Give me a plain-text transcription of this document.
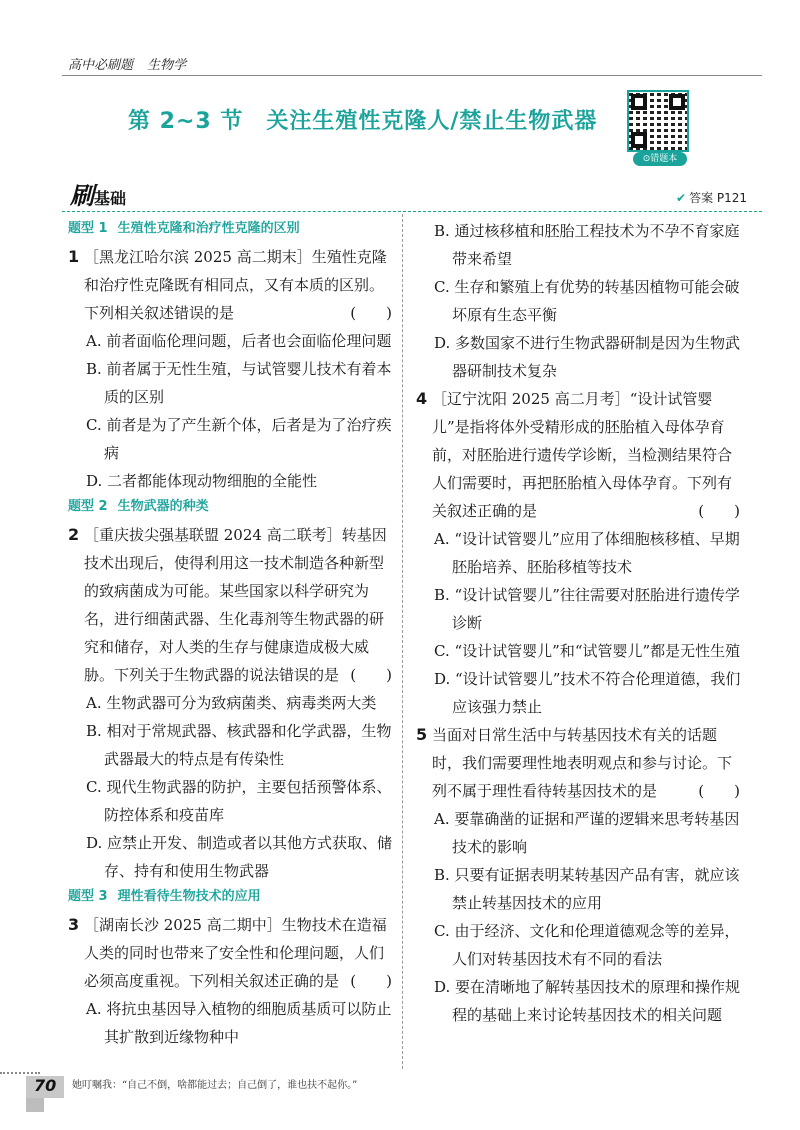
高中必刷题 生物学
第 2~3 节　关注生殖性克隆人/禁止生物武器
⊙错题本
刷基础	✔ 答案 P121
题型 1 生殖性克隆和治疗性克隆的区别
1 ［黑龙江哈尔滨 2025 高二期末］生殖性克隆和治疗性克隆既有相同点，又有本质的区别。下列相关叙述错误的是	(　　)
A. 前者面临伦理问题，后者也会面临伦理问题
B. 前者属于无性生殖，与试管婴儿技术有着本质的区别
C. 前者是为了产生新个体，后者是为了治疗疾病
D. 二者都能体现动物细胞的全能性
题型 2 生物武器的种类
2 ［重庆拔尖强基联盟 2024 高二联考］转基因技术出现后，使得利用这一技术制造各种新型的致病菌成为可能。某些国家以科学研究为名，进行细菌武器、生化毒剂等生物武器的研究和储存，对人类的生存与健康造成极大威胁。下列关于生物武器的说法错误的是 (　　)
A. 生物武器可分为致病菌类、病毒类两大类
B. 相对于常规武器、核武器和化学武器，生物武器最大的特点是有传染性
C. 现代生物武器的防护，主要包括预警体系、防控体系和疫苗库
D. 应禁止开发、制造或者以其他方式获取、储存、持有和使用生物武器
题型 3 理性看待生物技术的应用
3 ［湖南长沙 2025 高二期中］生物技术在造福人类的同时也带来了安全性和伦理问题，人们必须高度重视。下列相关叙述正确的是 (　　)
A. 将抗虫基因导入植物的细胞质基质可以防止其扩散到近缘物种中
B. 通过核移植和胚胎工程技术为不孕不育家庭带来希望
C. 生存和繁殖上有优势的转基因植物可能会破坏原有生态平衡
D. 多数国家不进行生物武器研制是因为生物武器研制技术复杂
4 ［辽宁沈阳 2025 高二月考］“设计试管婴儿”是指将体外受精形成的胚胎植入母体孕育前，对胚胎进行遗传学诊断，当检测结果符合人们需要时，再把胚胎植入母体孕育。下列有关叙述正确的是	(　　)
A. “设计试管婴儿”应用了体细胞核移植、早期胚胎培养、胚胎移植等技术
B. “设计试管婴儿”往往需要对胚胎进行遗传学诊断
C. “设计试管婴儿”和“试管婴儿”都是无性生殖
D. “设计试管婴儿”技术不符合伦理道德，我们应该强力禁止
5 当面对日常生活中与转基因技术有关的话题时，我们需要理性地表明观点和参与讨论。下列不属于理性看待转基因技术的是	(　　)
A. 要靠确凿的证据和严谨的逻辑来思考转基因技术的影响
B. 只要有证据表明某转基因产品有害，就应该禁止转基因技术的应用
C. 由于经济、文化和伦理道德观念等的差异，人们对转基因技术有不同的看法
D. 要在清晰地了解转基因技术的原理和操作规程的基础上来讨论转基因技术的相关问题
70 她叮嘱我：“自己不倒，啥都能过去；自己倒了，谁也扶不起你。”
